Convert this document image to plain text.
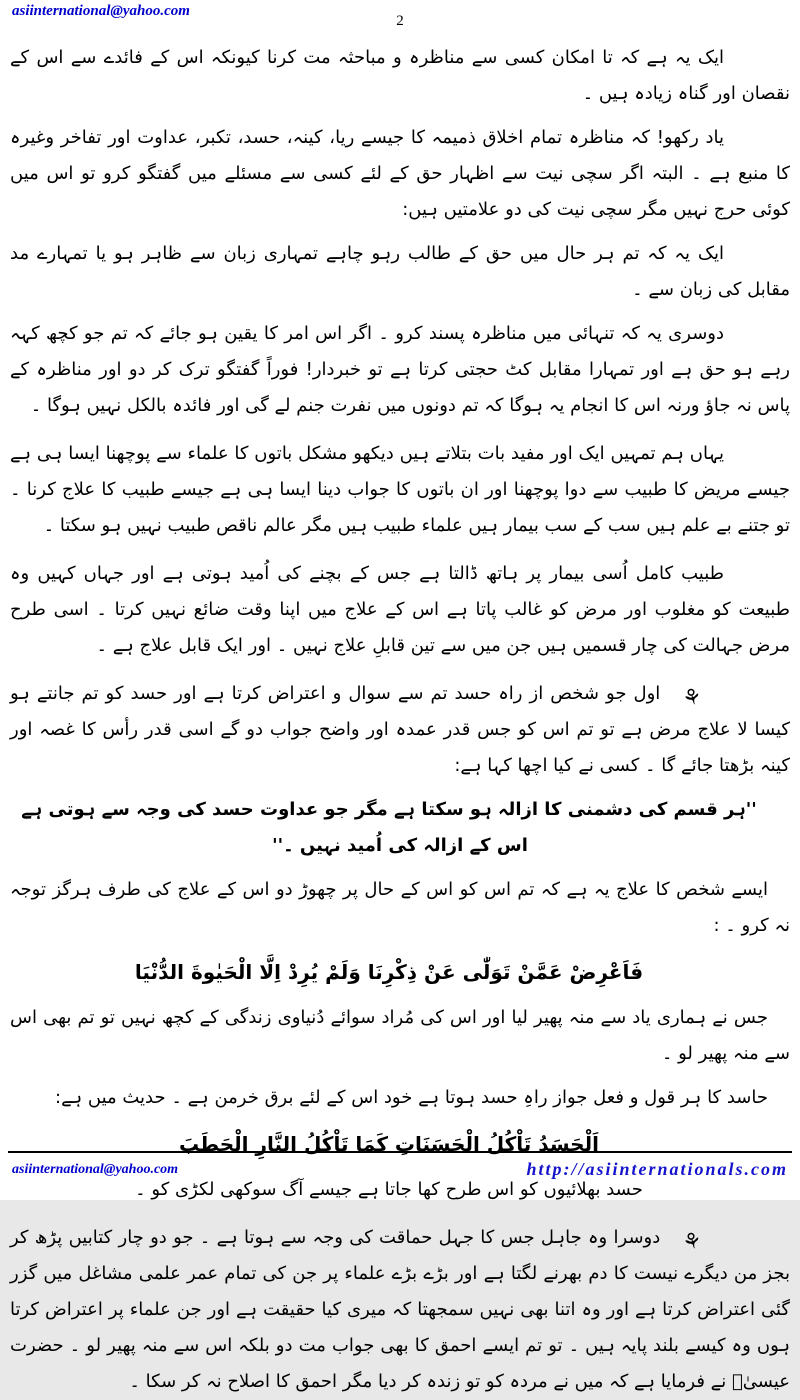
asiinternational@yahoo.com
2

ایک یہ ہے کہ تا امکان کسی سے مناظرہ و مباحثہ مت کرنا کیونکہ اس کے فائدے سے اس کے نقصان اور گناہ زیادہ ہیں ۔

یاد رکھو! کہ مناظرہ تمام اخلاق ذمیمہ کا جیسے ریا، کینہ، حسد، تکبر، عداوت اور تفاخر وغیرہ کا منبع ہے ۔ البتہ اگر سچی نیت سے اظہار حق کے لئے کسی سے مسئلے میں گفتگو کرو تو اس میں کوئی حرج نہیں مگر سچی نیت کی دو علامتیں ہیں:

ایک یہ کہ تم ہر حال میں حق کے طالب رہو چاہے تمہاری زبان سے ظاہر ہو یا تمہارے مد مقابل کی زبان سے ۔

دوسری یہ کہ تنہائی میں مناظرہ پسند کرو ۔ اگر اس امر کا یقین ہو جائے کہ تم جو کچھ کہہ رہے ہو حق ہے اور تمہارا مقابل کٹ حجتی کرتا ہے تو خبردار! فوراً گفتگو ترک کر دو اور مناظرہ کے پاس نہ جاؤ ورنہ اس کا انجام یہ ہوگا کہ تم دونوں میں نفرت جنم لے گی اور فائدہ بالکل نہیں ہوگا ۔

یہاں ہم تمہیں ایک اور مفید بات بتلاتے ہیں دیکھو مشکل باتوں کا علماء سے پوچھنا ایسا ہی ہے جیسے مریض کا طبیب سے دوا پوچھنا اور ان باتوں کا جواب دینا ایسا ہی ہے جیسے طبیب کا علاج کرنا ۔ تو جتنے بے علم ہیں سب کے سب بیمار ہیں علماء طبیب ہیں مگر عالم ناقص طبیب نہیں ہو سکتا ۔

طبیب کامل اُسی بیمار پر ہاتھ ڈالتا ہے جس کے بچنے کی اُمید ہوتی ہے اور جہاں کہیں وہ طبیعت کو مغلوب اور مرض کو غالب پاتا ہے اس کے علاج میں اپنا وقت ضائع نہیں کرتا ۔ اسی طرح مرض جہالت کی چار قسمیں ہیں جن میں سے تین قابلِ علاج نہیں ۔ اور ایک قابل علاج ہے ۔

⚘اول جو شخص از راہ حسد تم سے سوال و اعتراض کرتا ہے اور حسد کو تم جانتے ہو کیسا لا علاج مرض ہے تو تم اس کو جس قدر عمدہ اور واضح جواب دو گے اسی قدر رأس کا غصہ اور کینہ بڑھتا جائے گا ۔ کسی نے کیا اچھا کہا ہے:

''ہر قسم کی دشمنی کا ازالہ ہو سکتا ہے مگر جو عداوت حسد کی وجہ سے ہوتی ہے اس کے ازالہ کی اُمید نہیں ۔''

ایسے شخص کا علاج یہ ہے کہ تم اس کو اس کے حال پر چھوڑ دو اس کے علاج کی طرف ہرگز توجہ نہ کرو ۔ :

فَاَعْرِضْ عَمَّنْ تَوَلّٰى عَنْ ذِكْرِنَا وَلَمْ يُرِدْ اِلَّا الْحَيٰوةَ الدُّنْيَا

جس نے ہماری یاد سے منہ پھیر لیا اور اس کی مُراد سوائے دُنیاوی زندگی کے کچھ نہیں تو تم بھی اس سے منہ پھیر لو ۔

حاسد کا ہر قول و فعل جواز راہِ حسد ہوتا ہے خود اس کے لئے برق خرمن ہے ۔ حدیث میں ہے:

اَلْحَسَدُ تَاْكُلُ الْحَسَنَاتِ كَمَا تَاْكُلُ النَّارِ الْحَطَبَ

حسد بھلائیوں کو اس طرح کھا جاتا ہے جیسے آگ سوکھی لکڑی کو ۔

⚘دوسرا وہ جاہل جس کا جہل حماقت کی وجہ سے ہوتا ہے ۔ جو دو چار کتابیں پڑھ کر بجز من دیگرے نیست کا دم بھرنے لگتا ہے اور بڑے بڑے علماء پر جن کی تمام عمر علمی مشاغل میں گزر گئی اعتراض کرتا ہے اور وہ اتنا بھی نہیں سمجھتا کہ میری کیا حقیقت ہے اور جن علماء پر اعتراض کرتا ہوں وہ کیسے بلند پایہ ہیں ۔ تو تم ایسے احمق کا بھی جواب مت دو بلکہ اس سے منہ پھیر لو ۔ حضرت عیسیٰؑ نے فرمایا ہے کہ میں نے مردہ کو تو زندہ کر دیا مگر احمق کا اصلاح نہ کر سکا ۔

asiinternational@yahoo.com	http://asiinternationals.com
